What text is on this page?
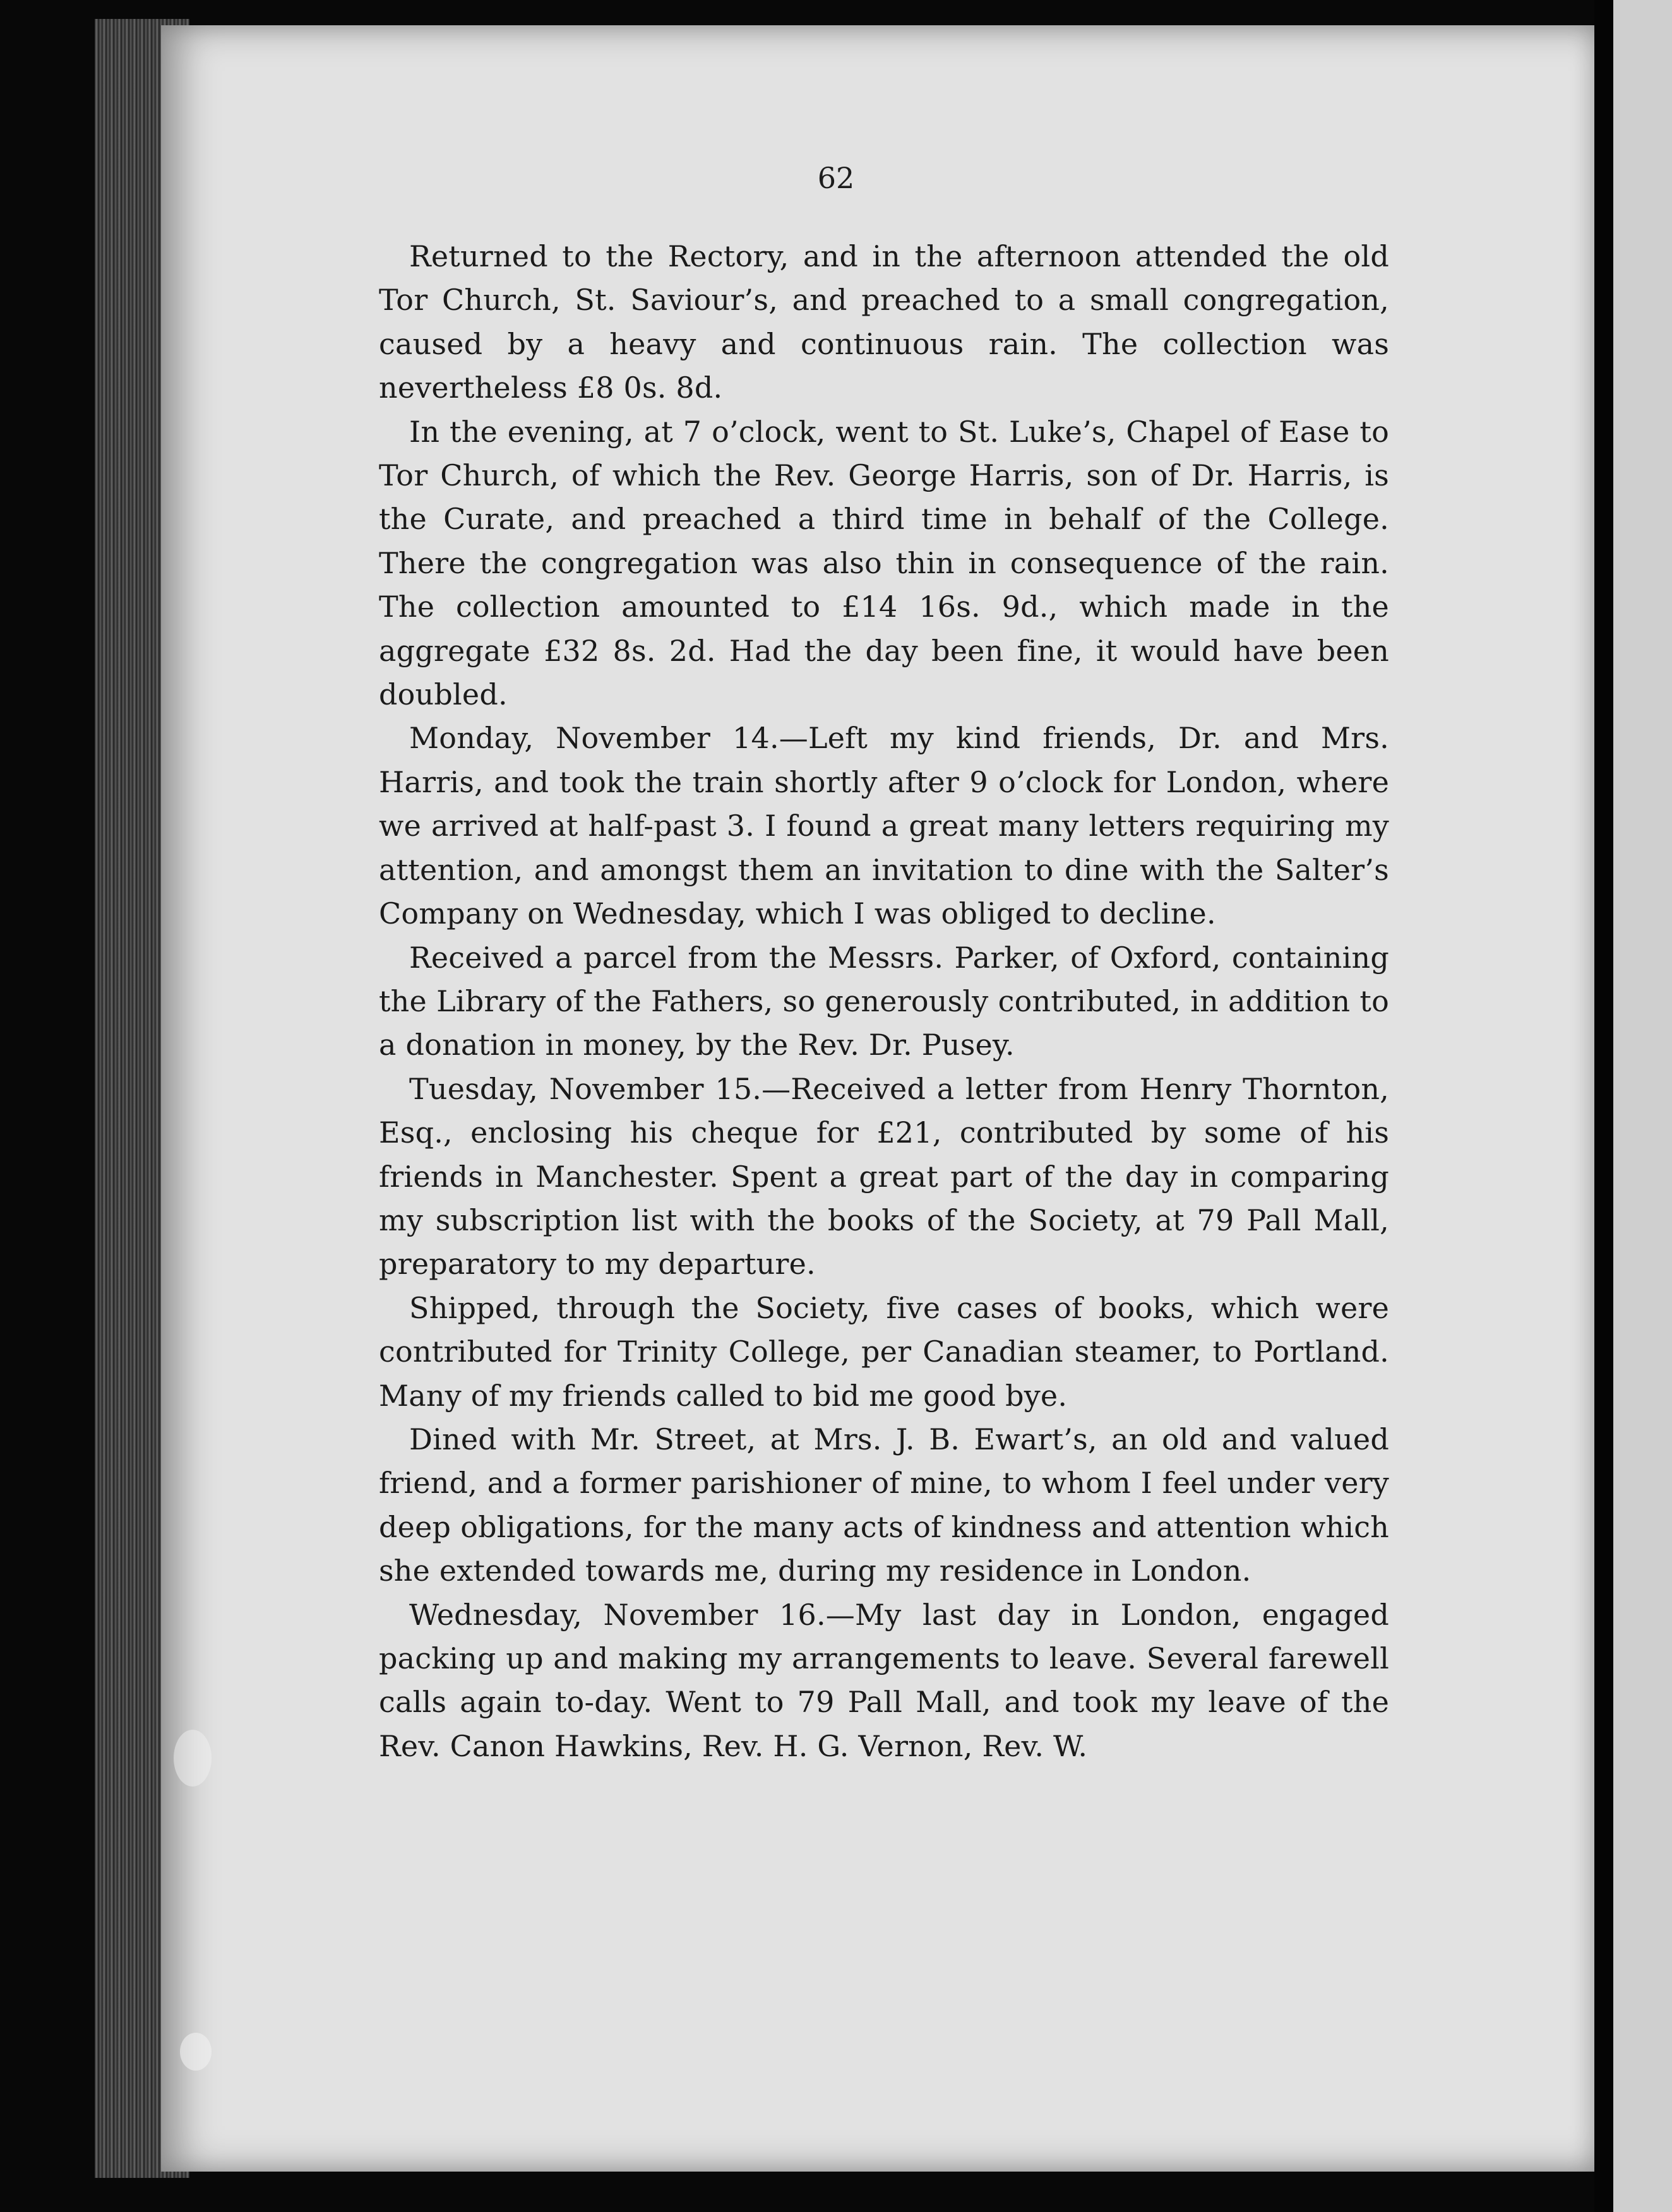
62

Returned to the Rectory, and in the afternoon attended the old Tor Church, St. Saviour’s, and preached to a small congregation, caused by a heavy and continuous rain. The collection was nevertheless £8 0s. 8d.

In the evening, at 7 o’clock, went to St. Luke’s, Chapel of Ease to Tor Church, of which the Rev. George Harris, son of Dr. Harris, is the Curate, and preached a third time in behalf of the College. There the congregation was also thin in consequence of the rain. The collection amounted to £14 16s. 9d., which made in the aggregate £32 8s. 2d. Had the day been fine, it would have been doubled.

Monday, November 14.—Left my kind friends, Dr. and Mrs. Harris, and took the train shortly after 9 o’clock for London, where we arrived at half-past 3. I found a great many letters requiring my attention, and amongst them an invitation to dine with the Salter’s Company on Wednesday, which I was obliged to decline.

Received a parcel from the Messrs. Parker, of Oxford, containing the Library of the Fathers, so generously contributed, in addition to a donation in money, by the Rev. Dr. Pusey.

Tuesday, November 15.—Received a letter from Henry Thornton, Esq., enclosing his cheque for £21, contributed by some of his friends in Manchester. Spent a great part of the day in comparing my subscription list with the books of the Society, at 79 Pall Mall, preparatory to my departure.

Shipped, through the Society, five cases of books, which were contributed for Trinity College, per Canadian steamer, to Portland. Many of my friends called to bid me good bye.

Dined with Mr. Street, at Mrs. J. B. Ewart’s, an old and valued friend, and a former parishioner of mine, to whom I feel under very deep obligations, for the many acts of kindness and attention which she extended towards me, during my residence in London.

Wednesday, November 16.—My last day in London, engaged packing up and making my arrangements to leave. Several farewell calls again to-day. Went to 79 Pall Mall, and took my leave of the Rev. Canon Hawkins, Rev. H. G. Vernon, Rev. W.
